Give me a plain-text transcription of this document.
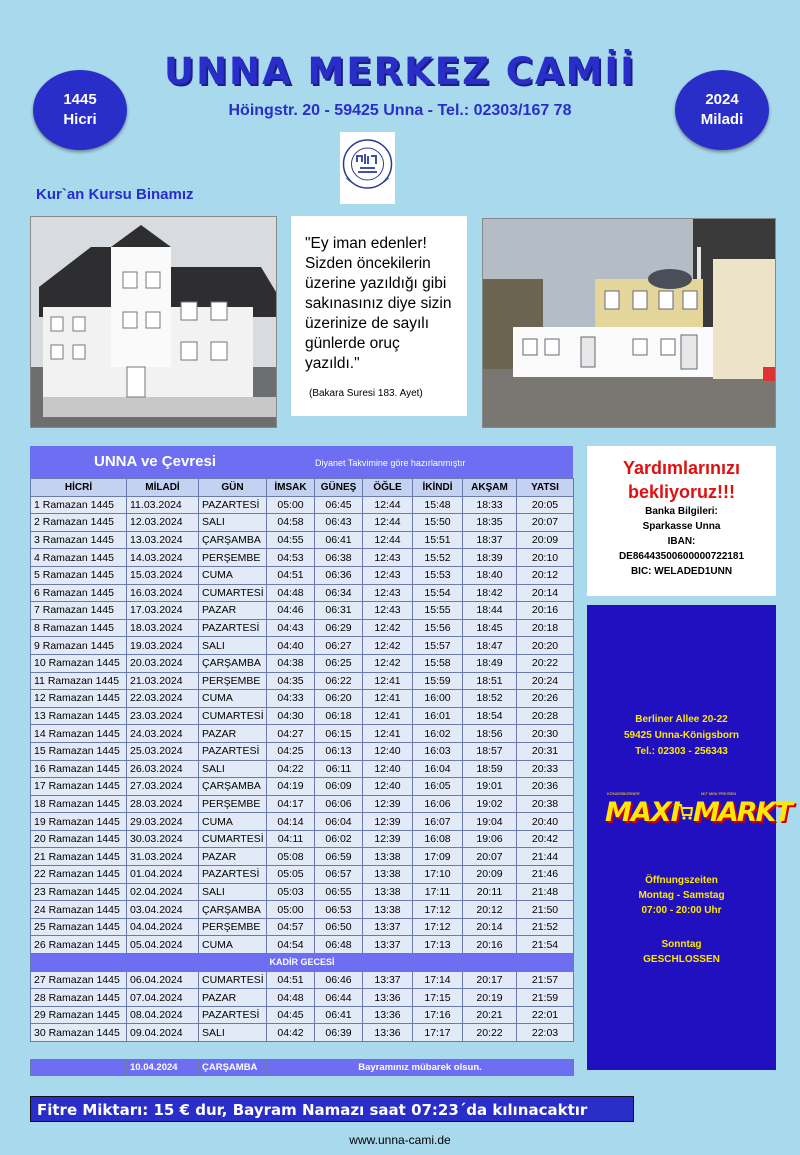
1445
Hicri
2024
Miladi
UNNA MERKEZ CAMİİ
Höingstr. 20 - 59425 Unna - Tel.: 02303/167 78
Kur`an Kursu Binamız
"Ey iman edenler! Sizden öncekilerin üzerine yazıldığı gibi sakınasınız diye sizin üzerinize de sayılı günlerde oruç yazıldı."
(Bakara Suresi 183. Ayet)
UNNA ve Çevresi	Diyanet Takvimine göre hazırlanmıştır
HİCRİ	MİLADİ	GÜN	İMSAK	GÜNEŞ	ÖĞLE	İKİNDİ	AKŞAM	YATSI
1 Ramazan 1445	11.03.2024	PAZARTESİ	05:00	06:45	12:44	15:48	18:33	20:05
2 Ramazan 1445	12.03.2024	SALI	04:58	06:43	12:44	15:50	18:35	20:07
3 Ramazan 1445	13.03.2024	ÇARŞAMBA	04:55	06:41	12:44	15:51	18:37	20:09
4 Ramazan 1445	14.03.2024	PERŞEMBE	04:53	06:38	12:43	15:52	18:39	20:10
5 Ramazan 1445	15.03.2024	CUMA	04:51	06:36	12:43	15:53	18:40	20:12
6 Ramazan 1445	16.03.2024	CUMARTESİ	04:48	06:34	12:43	15:54	18:42	20:14
7 Ramazan 1445	17.03.2024	PAZAR	04:46	06:31	12:43	15:55	18:44	20:16
8 Ramazan 1445	18.03.2024	PAZARTESİ	04:43	06:29	12:42	15:56	18:45	20:18
9 Ramazan 1445	19.03.2024	SALI	04:40	06:27	12:42	15:57	18:47	20:20
10 Ramazan 1445	20.03.2024	ÇARŞAMBA	04:38	06:25	12:42	15:58	18:49	20:22
11 Ramazan 1445	21.03.2024	PERŞEMBE	04:35	06:22	12:41	15:59	18:51	20:24
12 Ramazan 1445	22.03.2024	CUMA	04:33	06:20	12:41	16:00	18:52	20:26
13 Ramazan 1445	23.03.2024	CUMARTESİ	04:30	06:18	12:41	16:01	18:54	20:28
14 Ramazan 1445	24.03.2024	PAZAR	04:27	06:15	12:41	16:02	18:56	20:30
15 Ramazan 1445	25.03.2024	PAZARTESİ	04:25	06:13	12:40	16:03	18:57	20:31
16 Ramazan 1445	26.03.2024	SALI	04:22	06:11	12:40	16:04	18:59	20:33
17 Ramazan 1445	27.03.2024	ÇARŞAMBA	04:19	06:09	12:40	16:05	19:01	20:36
18 Ramazan 1445	28.03.2024	PERŞEMBE	04:17	06:06	12:39	16:06	19:02	20:38
19 Ramazan 1445	29.03.2024	CUMA	04:14	06:04	12:39	16:07	19:04	20:40
20 Ramazan 1445	30.03.2024	CUMARTESİ	04:11	06:02	12:39	16:08	19:06	20:42
21 Ramazan 1445	31.03.2024	PAZAR	05:08	06:59	13:38	17:09	20:07	21:44
22 Ramazan 1445	01.04.2024	PAZARTESİ	05:05	06:57	13:38	17:10	20:09	21:46
23 Ramazan 1445	02.04.2024	SALI	05:03	06:55	13:38	17:11	20:11	21:48
24 Ramazan 1445	03.04.2024	ÇARŞAMBA	05:00	06:53	13:38	17:12	20:12	21:50
25 Ramazan 1445	04.04.2024	PERŞEMBE	04:57	06:50	13:37	17:12	20:14	21:52
26 Ramazan 1445	05.04.2024	CUMA	04:54	06:48	13:37	17:13	20:16	21:54
KADİR GECESİ								
27 Ramazan 1445	06.04.2024	CUMARTESİ	04:51	06:46	13:37	17:14	20:17	21:57
28 Ramazan 1445	07.04.2024	PAZAR	04:48	06:44	13:36	17:15	20:19	21:59
29 Ramazan 1445	08.04.2024	PAZARTESİ	04:45	06:41	13:36	17:16	20:21	22:01
30 Ramazan 1445	09.04.2024	SALI	04:42	06:39	13:36	17:17	20:22	22:03

	10.04.2024	ÇARŞAMBA	Bayramınız mübarek olsun.					
Yardımlarınızı
bekliyoruz!!!
Banka Bilgileri:
Sparkasse Unna
IBAN:
DE86443500600000722181
BIC: WELADED1UNN
Berliner Allee 20-22
59425 Unna-Königsborn
Tel.: 02303 - 256343
KÖNIGSBORNER	MIT MINI PREISEN
MAXI MARKT
Öffnungszeiten
Montag - Samstag
07:00 - 20:00 Uhr
Sonntag
GESCHLOSSEN
Fitre Miktarı: 15 € dur, Bayram Namazı saat 07:23´da kılınacaktır
www.unna-cami.de
